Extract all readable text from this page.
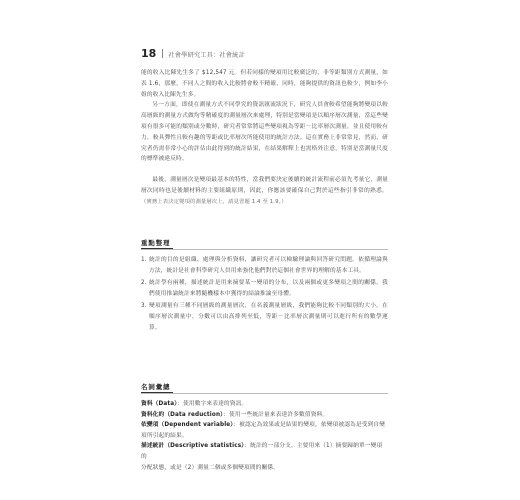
18 社會學研究工具：社會統計

能的收入比陳先生多了 $12,547 元。但若同樣的變項用比較廣泛的，非等距類別方式測量，如表 1.6，那麼，不同人之間的收入比較將會較不精確，同時，能夠提供的資訊也較少，例如李小姐的收入比陳先生多。

另一方面，即使在測量方式不同學究的資訊匯流狀況下，研究人員會較希望能夠將變項以較高層級的測量方式做均等精確度的測量層次來處理，特別是當變項是以順序層次測量，當這些變項有很多可能的類別或分數時，研究者常常將這些變項視為等距－比率層次測量。並且使用較有力，較具彈性且較有趣的等距或比率層次所能使用的統計方法。這在實務上非常常見，然而，研究者仍需非常小心的評估由此得到的統計結果，在結果解釋上也需格外注意，特別是當測量尺度的標準被違反時。

最後，測量層次是變項最基本的特性，當我們要決定後續的統計流程前必須先考量它，測量層次同時也是後續材料的主要組織原則，因此，你應該要確保自己對於這些指引非常的熟悉。（實務上表決定變項的測量層次上，請見習題 1.4 至 1.9。）

重點整理
1. 統計的目的是組織、處理與分析資料，讓研究者可以檢驗理論與回答研究問題。依循理論與方法，統計是社會科學研究人員用來強化他們對於這個社會世界的理解的基本工具。
2. 統計學有兩種，描述統計是用來摘要某一變項的分布，以及兩個或更多變項之間的關係。我們使用推論統計來將隨機樣本中獲得的結論推論至母體。
3. 變項測量有三種不同層級的測量層次，在名義測量層級，我們能夠比較不同類別的大小。在順序層次測量中，分數可以由高排列至低，等距－比率層次測量則可以進行所有的數學運算。
名詞彙總

資料（Data）：使用數字來表達的資訊。

資料化約（Data reduction）：使用一些統計量來表達許多數值資料。

依變項（Dependent variable）：被認定為效果或是結果的變項，依變項被認為是受到自變

項所引起的結果。

描述統計（Descriptive statistics）：統計的一部分支，主要用來（1）摘要歸納單一變項的

分配狀態，或是（2）測量二個或多個變項間的關係。
